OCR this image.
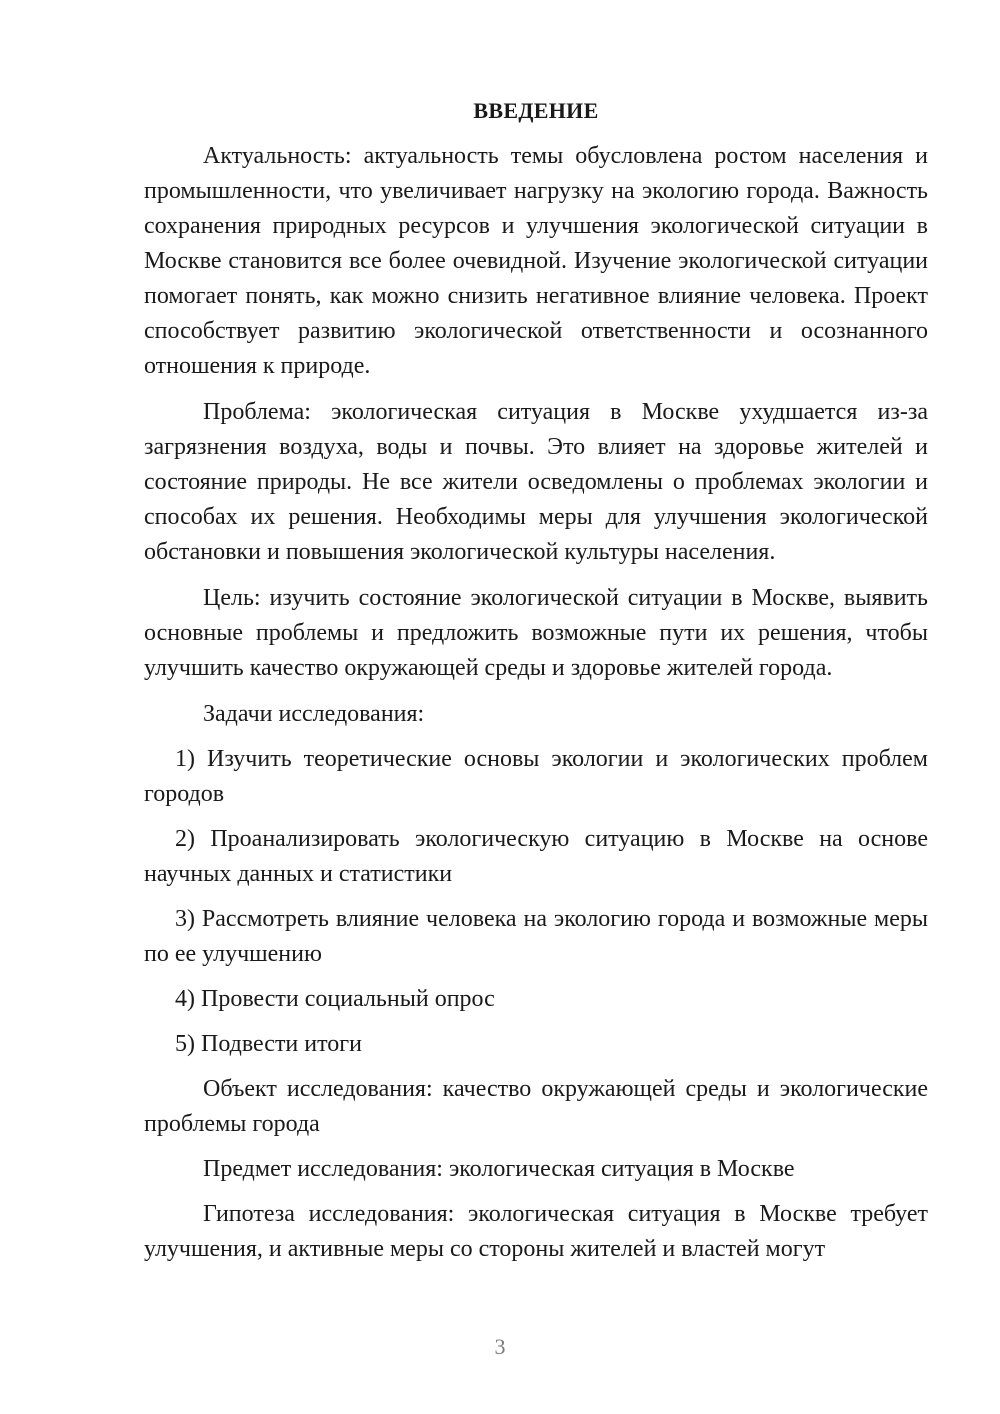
ВВЕДЕНИЕ

Актуальность: актуальность темы обусловлена ростом населения и промышленности, что увеличивает нагрузку на экологию города. Важность сохранения природных ресурсов и улучшения экологической ситуации в Москве становится все более очевидной. Изучение экологической ситуации помогает понять, как можно снизить негативное влияние человека. Проект способствует развитию экологической ответственности и осознанного отношения к природе.

Проблема: экологическая ситуация в Москве ухудшается из-за загрязнения воздуха, воды и почвы. Это влияет на здоровье жителей и состояние природы. Не все жители осведомлены о проблемах экологии и способах их решения. Необходимы меры для улучшения экологической обстановки и повышения экологической культуры населения.

Цель: изучить состояние экологической ситуации в Москве, выявить основные проблемы и предложить возможные пути их решения, чтобы улучшить качество окружающей среды и здоровье жителей города.

Задачи исследования:

1) Изучить теоретические основы экологии и экологических проблем городов

2) Проанализировать экологическую ситуацию в Москве на основе научных данных и статистики

3) Рассмотреть влияние человека на экологию города и возможные меры по ее улучшению

4) Провести социальный опрос

5) Подвести итоги

Объект исследования: качество окружающей среды и экологические проблемы города

Предмет исследования: экологическая ситуация в Москве

Гипотеза исследования: экологическая ситуация в Москве требует улучшения, и активные меры со стороны жителей и властей могут

3
